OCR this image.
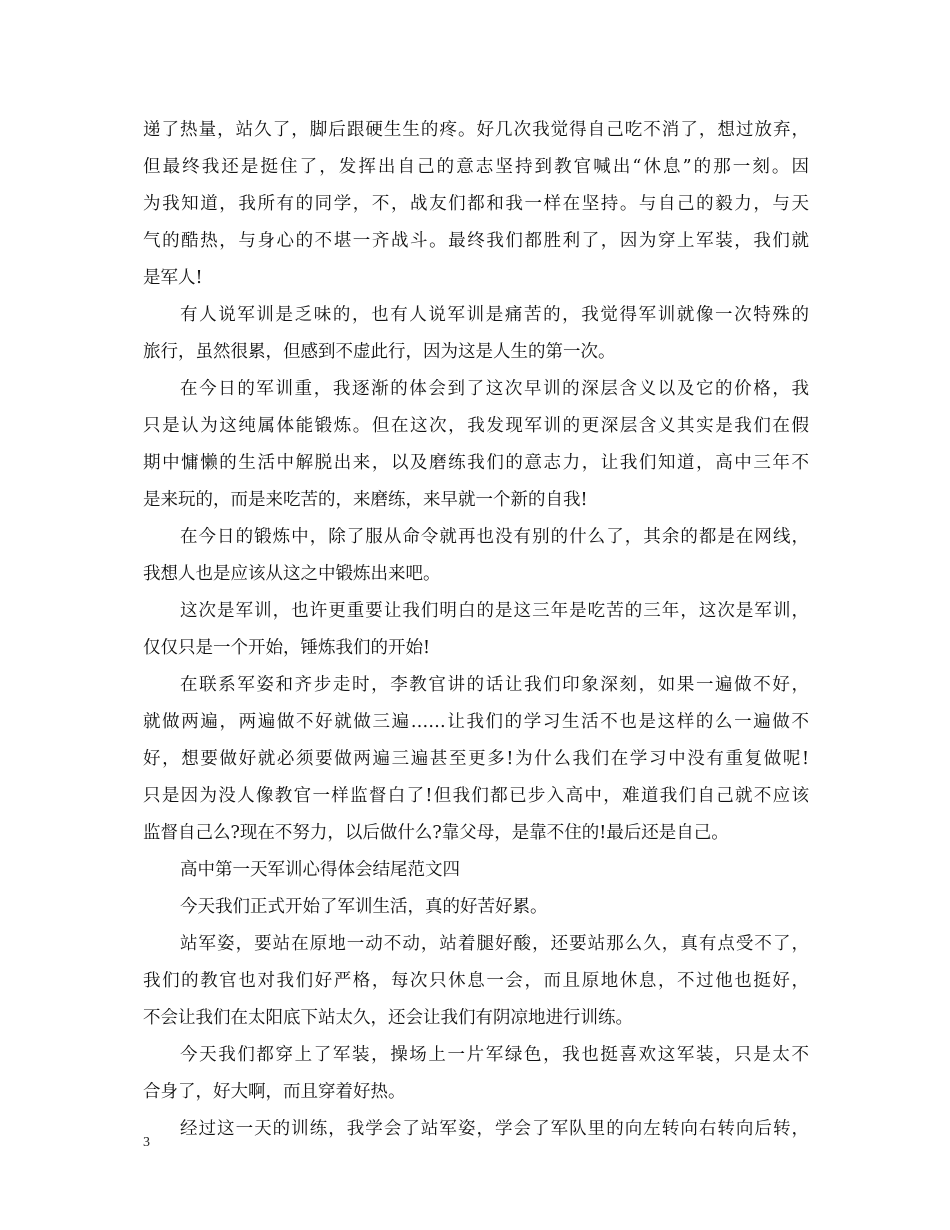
递了热量，站久了，脚后跟硬生生的疼。好几次我觉得自己吃不消了，想过放弃，
但最终我还是挺住了，发挥出自己的意志坚持到教官喊出“休息”的那一刻。因
为我知道，我所有的同学，不，战友们都和我一样在坚持。与自己的毅力，与天
气的酷热，与身心的不堪一齐战斗。最终我们都胜利了，因为穿上军装，我们就
是军人!
有人说军训是乏味的，也有人说军训是痛苦的，我觉得军训就像一次特殊的
旅行，虽然很累，但感到不虚此行，因为这是人生的第一次。
在今日的军训重，我逐渐的体会到了这次早训的深层含义以及它的价格，我
只是认为这纯属体能锻炼。但在这次，我发现军训的更深层含义其实是我们在假
期中慵懒的生活中解脱出来，以及磨练我们的意志力，让我们知道，高中三年不
是来玩的，而是来吃苦的，来磨练，来早就一个新的自我!
在今日的锻炼中，除了服从命令就再也没有别的什么了，其余的都是在网线，
我想人也是应该从这之中锻炼出来吧。
这次是军训，也许更重要让我们明白的是这三年是吃苦的三年，这次是军训，
仅仅只是一个开始，锤炼我们的开始!
在联系军姿和齐步走时，李教官讲的话让我们印象深刻，如果一遍做不好，
就做两遍，两遍做不好就做三遍……让我们的学习生活不也是这样的么一遍做不
好，想要做好就必须要做两遍三遍甚至更多!为什么我们在学习中没有重复做呢!
只是因为没人像教官一样监督白了!但我们都已步入高中，难道我们自己就不应该
监督自己么?现在不努力，以后做什么?靠父母，是靠不住的!最后还是自己。
高中第一天军训心得体会结尾范文四
今天我们正式开始了军训生活，真的好苦好累。
站军姿，要站在原地一动不动，站着腿好酸，还要站那么久，真有点受不了，
我们的教官也对我们好严格，每次只休息一会，而且原地休息，不过他也挺好，
不会让我们在太阳底下站太久，还会让我们有阴凉地进行训练。
今天我们都穿上了军装，操场上一片军绿色，我也挺喜欢这军装，只是太不
合身了，好大啊，而且穿着好热。
经过这一天的训练，我学会了站军姿，学会了军队里的向左转向右转向后转，
3
